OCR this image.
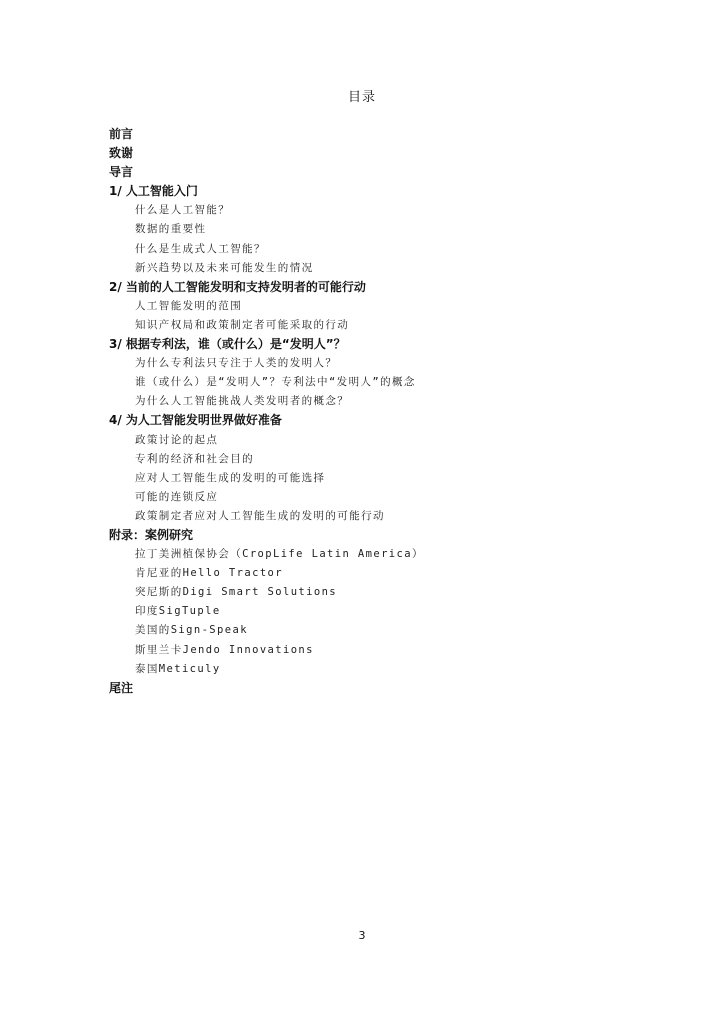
目录
前言
致谢
导言
1/ 人工智能入门
什么是人工智能？
数据的重要性
什么是生成式人工智能？
新兴趋势以及未来可能发生的情况
2/ 当前的人工智能发明和支持发明者的可能行动
人工智能发明的范围
知识产权局和政策制定者可能采取的行动
3/ 根据专利法，谁（或什么）是“发明人”？
为什么专利法只专注于人类的发明人？
谁（或什么）是“发明人”？专利法中“发明人”的概念
为什么人工智能挑战人类发明者的概念？
4/ 为人工智能发明世界做好准备
政策讨论的起点
专利的经济和社会目的
应对人工智能生成的发明的可能选择
可能的连锁反应
政策制定者应对人工智能生成的发明的可能行动
附录：案例研究
拉丁美洲植保协会（CropLife Latin America）
肯尼亚的Hello Tractor
突尼斯的Digi Smart Solutions
印度SigTuple
美国的Sign-Speak
斯里兰卡Jendo Innovations
泰国Meticuly
尾注
3
